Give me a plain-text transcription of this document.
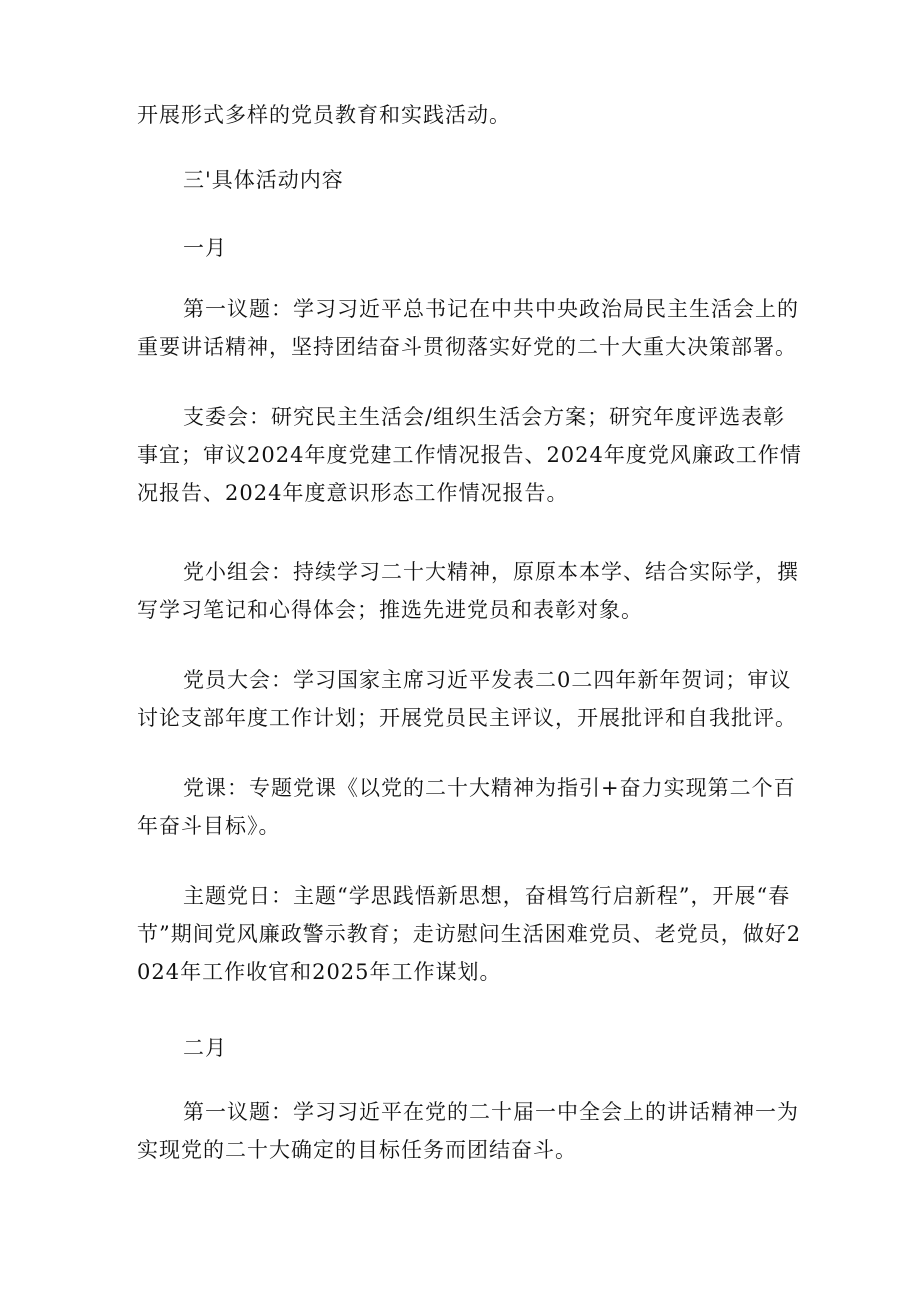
开展形式多样的党员教育和实践活动。

三'具体活动内容
一月

第一议题：学习习近平总书记在中共中央政治局民主生活会上的重要讲话精神，坚持团结奋斗贯彻落实好党的二十大重大决策部署。

支委会：研究民主生活会/组织生活会方案；研究年度评选表彰事宜；审议2024年度党建工作情况报告、2024年度党风廉政工作情况报告、2024年度意识形态工作情况报告。

党小组会：持续学习二十大精神，原原本本学、结合实际学，撰写学习笔记和心得体会；推选先进党员和表彰对象。

党员大会：学习国家主席习近平发表二0二四年新年贺词；审议讨论支部年度工作计划；开展党员民主评议，开展批评和自我批评。

党课：专题党课《以党的二十大精神为指引+奋力实现第二个百年奋斗目标》。

主题党日：主题“学思践悟新思想，奋楫笃行启新程”，开展“春节”期间党风廉政警示教育；走访慰问生活困难党员、老党员，做好2024年工作收官和2025年工作谋划。

二月

第一议题：学习习近平在党的二十届一中全会上的讲话精神一为实现党的二十大确定的目标任务而团结奋斗。
